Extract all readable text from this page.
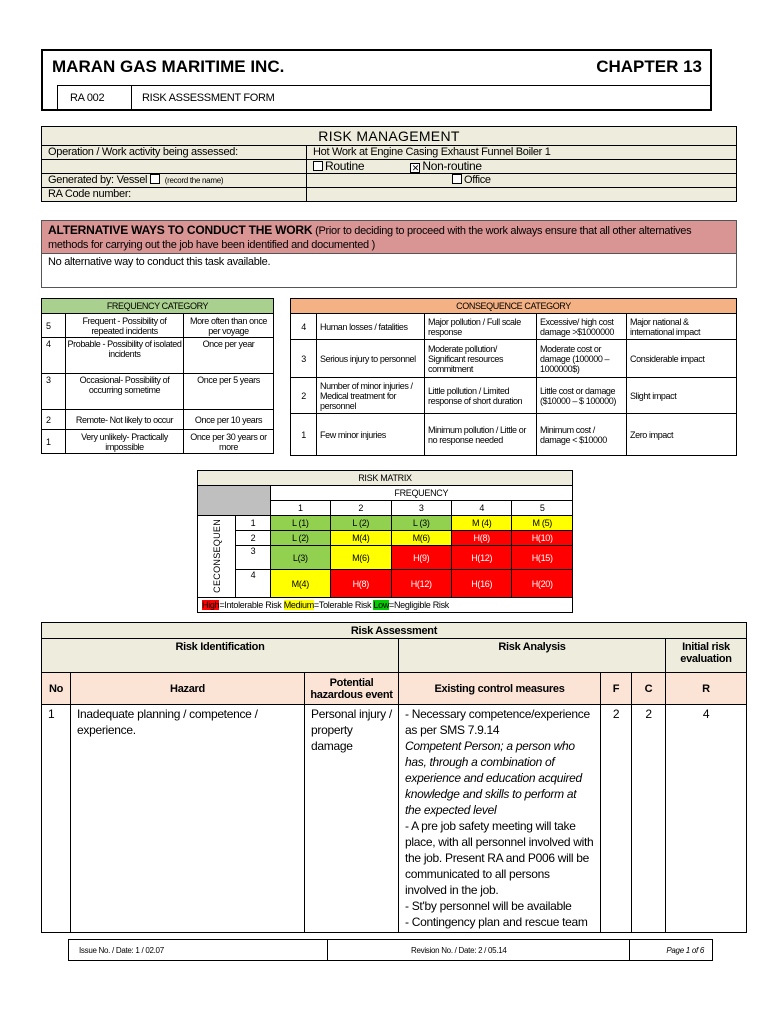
MARAN GAS MARITIME INC.	CHAPTER 13
RA 002	RISK ASSESSMENT FORM
RISK MANAGEMENT	
Operation / Work activity being assessed:	Hot Work at Engine Casing Exhaust Funnel Boiler 1
	Routine ✕ Non-routine
Generated by: Vessel (record the name)	Office
RA Code number:	
ALTERNATIVE WAYS TO CONDUCT THE WORK (Prior to deciding to proceed with the work always ensure that all other alternatives methods for carrying out the job have been identified and documented )
No alternative way to conduct this task available.
FREQUENCY CATEGORY		
5	Frequent - Possibility of repeated incidents	More often than once per voyage
4	Probable - Possibility of isolated incidents	Once per year
3	Occasional- Possibility of occurring sometime	Once per 5 years
2	Remote- Not likely to occur	Once per 10 years
1	Very unlikely- Practically impossible	Once per 30 years or more
CONSEQUENCE CATEGORY				
4	Human losses / fatalities	Major pollution / Full scale response	Excessive/ high cost damage >$1000000	Major national & international impact
3	Serious injury to personnel	Moderate pollution/ Significant resources commitment	Moderate cost or damage (100000 –1000000$)	Considerable impact
2	Number of minor injuries / Medical treatment for personnel	Little pollution / Limited response of short duration	Little cost or damage ($10000 – $ 100000)	Slight impact
1	Few minor injuries	Minimum pollution / Little or no response needed	Minimum cost / damage < $10000	Zero impact
RISK MATRIX						
		FREQUENCY				
		1	2	3	4	5
CECONSEQUEN	1	L (1)	L (2)	L (3)	M (4)	M (5)
	2	L (2)	M(4)	M(6)	H(8)	H(10)
	3	L(3)	M(6)	H(9)	H(12)	H(15)
	4	M(4)	H(8)	H(12)	H(16)	H(20)
High=Intolerable Risk Medium=Tolerable Risk Low=Negligible Risk						
Risk Assessment						
Risk Identification			Risk Analysis			Initial risk evaluation
No	Hazard	Potential hazardous event	Existing control measures	F	C	R
1	Inadequate planning / competence / experience.	Personal injury / property damage	- Necessary competence/experience as per SMS 7.9.14
Competent Person; a person who has, through a combination of experience and education acquired knowledge and skills to perform at the expected level
- A pre job safety meeting will take place, with all personnel involved with the job. Present RA and P006 will be communicated to all persons involved in the job.
- St'by personnel will be available
- Contingency plan and rescue team	2	2	4
Issue No. / Date: 1 / 02.07	Revision No. / Date: 2 / 05.14	Page 1 of 6
